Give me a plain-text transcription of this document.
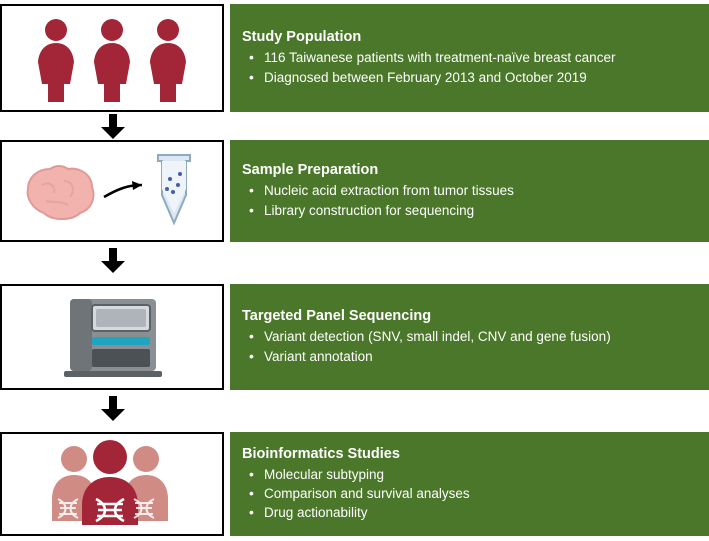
Study Population
• 116 Taiwanese patients with treatment-naïve breast cancer
• Diagnosed between February 2013 and October 2019
Sample Preparation
• Nucleic acid extraction from tumor tissues
• Library construction for sequencing
Targeted Panel Sequencing
• Variant detection (SNV, small indel, CNV and gene fusion)
• Variant annotation
Bioinformatics Studies
• Molecular subtyping
• Comparison and survival analyses
• Drug actionability
